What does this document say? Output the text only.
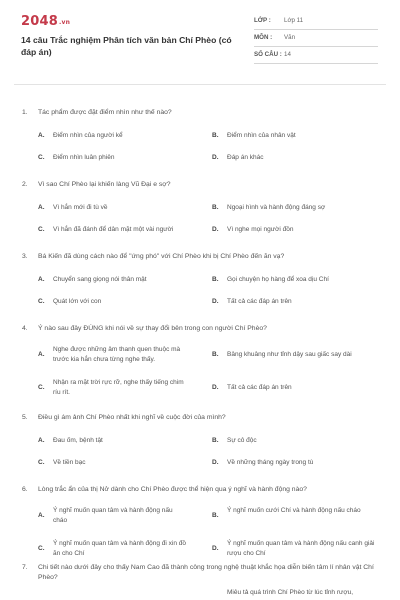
2048.vn
14 câu Trắc nghiệm Phân tích văn bản Chí Phèo (có đáp án)
LỚP : Lớp 11
MÔN : Văn
SỐ CÂU : 14
1. Tác phẩm được đặt điểm nhìn như thế nào?
A. Điểm nhìn của người kể	B. Điểm nhìn của nhân vật
C. Điểm nhìn luân phiên	D. Đáp án khác
2. Vì sao Chí Phèo lại khiến làng Vũ Đại e sợ?
A. Vì hắn mới đi tù về	B. Ngoại hình và hành động đáng sợ
C. Vì hắn đã đánh để dân mặt một vài người	D. Vì nghe mọi người đồn
3. Bá Kiến đã dùng cách nào để "ứng phó" với Chí Phèo khi bị Chí Phèo đến ăn vạ?
A. Chuyển sang giọng nói thân mật	B. Gọi chuyện họ hàng để xoa dịu Chí
C. Quát lớn với con	D. Tất cả các đáp án trên
4. Ý nào sau đây ĐÚNG khi nói về sự thay đổi bên trong con người Chí Phèo?
A.
Nghe được những âm thanh quen thuộc mà trước kia hắn chưa từng nghe thấy.
B. Bâng khuâng như tỉnh dậy sau giấc say dài
C.
Nhận ra mặt trời rực rỡ, nghe thấy tiếng chim ríu rít.
D. Tất cả các đáp án trên
5. Điều gì ám ảnh Chí Phèo nhất khi nghĩ về cuộc đời của mình?
A. Đau ốm, bệnh tật	B. Sự cô độc
C. Về tiền bạc	D. Về những tháng ngày trong tù
6. Lòng trắc ẩn của thị Nở dành cho Chí Phèo được thể hiện qua ý nghĩ và hành động nào?
A.
Ý nghĩ muốn quan tâm và hành động nấu cháo
B.
Ý nghĩ muốn cưới Chí và hành động nấu cháo
C.
Ý nghĩ muốn quan tâm và hành động đi xin đồ ăn cho Chí
D.
Ý nghĩ muốn quan tâm và hành động nấu canh giải rượu cho Chí
7. Chi tiết nào dưới đây cho thấy Nam Cao đã thành công trong nghệ thuật khắc họa diễn biến tâm lí nhân vật Chí Phèo?
Miêu tả quá trình Chí Phèo từ lúc tỉnh rượu,
